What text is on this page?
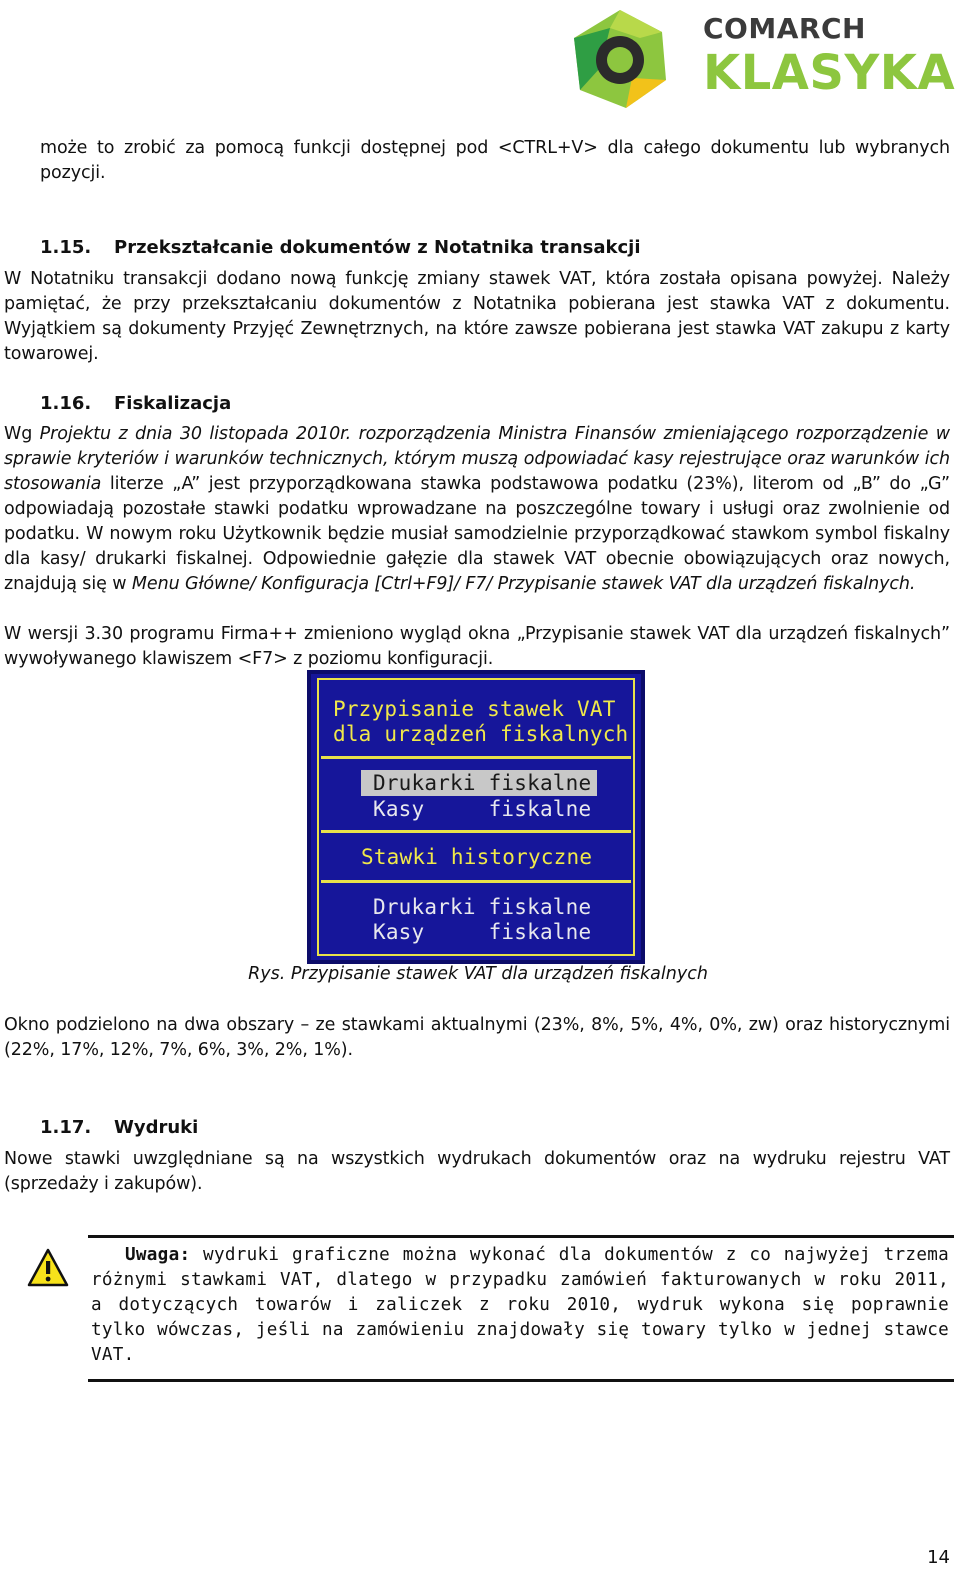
COMARCH
KLASYKA
może to zrobić za pomocą funkcji dostępnej pod <CTRL+V> dla całego dokumentu lub wybranych pozycji.
1.15. Przekształcanie dokumentów z Notatnika transakcji
W Notatniku transakcji dodano nową funkcję zmiany stawek VAT, która została opisana powyżej. Należy pamiętać, że przy przekształcaniu dokumentów z Notatnika pobierana jest stawka VAT z dokumentu. Wyjątkiem są dokumenty Przyjęć Zewnętrznych, na które zawsze pobierana jest stawka VAT zakupu z karty towarowej.
1.16. Fiskalizacja
Wg Projektu z dnia 30 listopada 2010r. rozporządzenia Ministra Finansów zmieniającego rozporządzenie w sprawie kryteriów i warunków technicznych, którym muszą odpowiadać kasy rejestrujące oraz warunków ich stosowania literze „A” jest przyporządkowana stawka podstawowa podatku (23%), literom od „B” do „G” odpowiadają pozostałe stawki podatku wprowadzane na poszczególne towary i usługi oraz zwolnienie od podatku. W nowym roku Użytkownik będzie musiał samodzielnie przyporządkować stawkom symbol fiskalny dla kasy/ drukarki fiskalnej. Odpowiednie gałęzie dla stawek VAT obecnie obowiązujących oraz nowych, znajdują się w Menu Główne/ Konfiguracja [Ctrl+F9]/ F7/ Przypisanie stawek VAT dla urządzeń fiskalnych.
W wersji 3.30 programu Firma++ zmieniono wygląd okna „Przypisanie stawek VAT dla urządzeń fiskalnych” wywoływanego klawiszem <F7> z poziomu konfiguracji.
Przypisanie stawek VAT
dla urządzeń fiskalnych
Drukarki fiskalne
Kasy     fiskalne
Stawki historyczne
Drukarki fiskalne
Kasy     fiskalne
Rys. Przypisanie stawek VAT dla urządzeń fiskalnych
Okno podzielono na dwa obszary – ze stawkami aktualnymi (23%, 8%, 5%, 4%, 0%, zw) oraz historycznymi (22%, 17%, 12%, 7%, 6%, 3%, 2%, 1%).
1.17. Wydruki
Nowe stawki uwzględniane są na wszystkich wydrukach dokumentów oraz na wydruku rejestru VAT (sprzedaży i zakupów).
Uwaga: wydruki graficzne można wykonać dla dokumentów z co najwyżej trzema różnymi stawkami VAT, dlatego w przypadku zamówień fakturowanych w roku 2011, a dotyczących towarów i zaliczek z roku 2010, wydruk wykona się poprawnie tylko wówczas, jeśli na zamówieniu znajdowały się towary tylko w jednej stawce VAT.
14
